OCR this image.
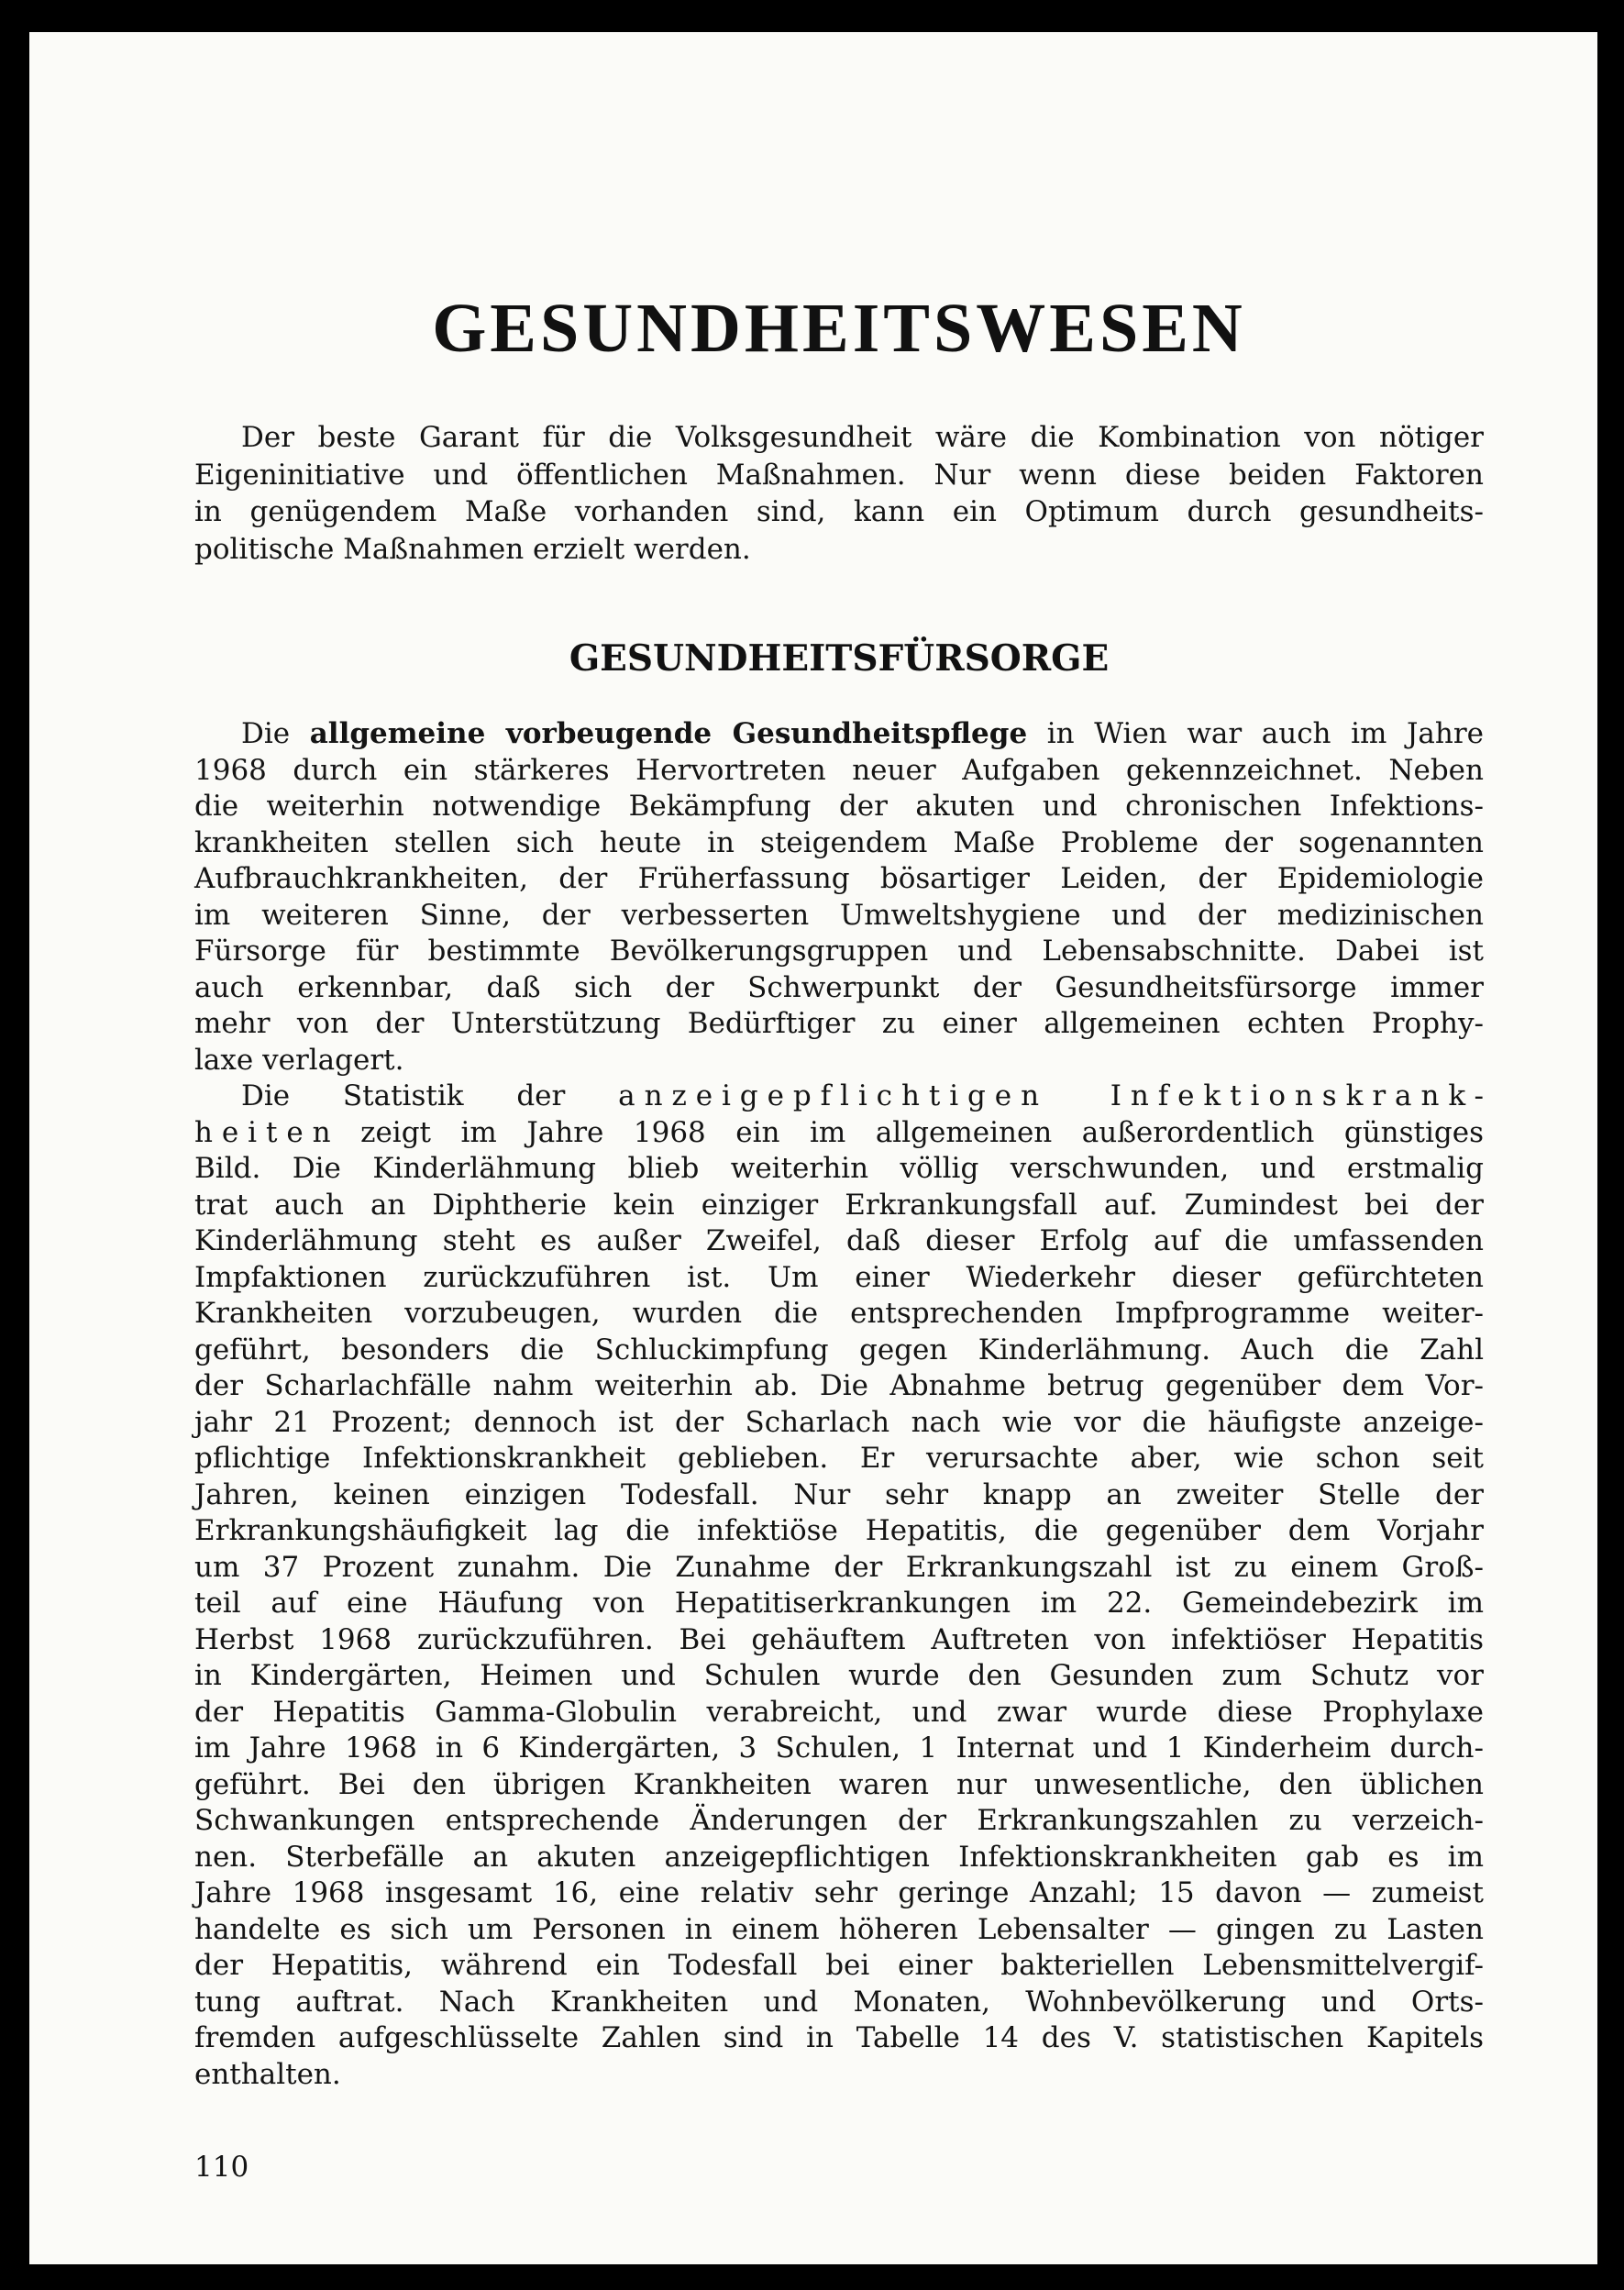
GESUNDHEITSWESEN
Der beste Garant für die Volksgesundheit wäre die Kombination von nötiger
Eigeninitiative und öffentlichen Maßnahmen. Nur wenn diese beiden Faktoren
in genügendem Maße vorhanden sind, kann ein Optimum durch gesundheits-
politische Maßnahmen erzielt werden.
GESUNDHEITSFÜRSORGE
Die allgemeine vorbeugende Gesundheitspflege in Wien war auch im Jahre
1968 durch ein stärkeres Hervortreten neuer Aufgaben gekennzeichnet. Neben
die weiterhin notwendige Bekämpfung der akuten und chronischen Infektions-
krankheiten stellen sich heute in steigendem Maße Probleme der sogenannten
Aufbrauchkrankheiten, der Früherfassung bösartiger Leiden, der Epidemiologie
im weiteren Sinne, der verbesserten Umweltshygiene und der medizinischen
Fürsorge für bestimmte Bevölkerungsgruppen und Lebensabschnitte. Dabei ist
auch erkennbar, daß sich der Schwerpunkt der Gesundheitsfürsorge immer
mehr von der Unterstützung Bedürftiger zu einer allgemeinen echten Prophy-
laxe verlagert.
Die Statistik der anzeigepflichtigen Infektionskrank-
heiten zeigt im Jahre 1968 ein im allgemeinen außerordentlich günstiges
Bild. Die Kinderlähmung blieb weiterhin völlig verschwunden, und erstmalig
trat auch an Diphtherie kein einziger Erkrankungsfall auf. Zumindest bei der
Kinderlähmung steht es außer Zweifel, daß dieser Erfolg auf die umfassenden
Impfaktionen zurückzuführen ist. Um einer Wiederkehr dieser gefürchteten
Krankheiten vorzubeugen, wurden die entsprechenden Impfprogramme weiter-
geführt, besonders die Schluckimpfung gegen Kinderlähmung. Auch die Zahl
der Scharlachfälle nahm weiterhin ab. Die Abnahme betrug gegenüber dem Vor-
jahr 21 Prozent; dennoch ist der Scharlach nach wie vor die häufigste anzeige-
pflichtige Infektionskrankheit geblieben. Er verursachte aber, wie schon seit
Jahren, keinen einzigen Todesfall. Nur sehr knapp an zweiter Stelle der
Erkrankungshäufigkeit lag die infektiöse Hepatitis, die gegenüber dem Vorjahr
um 37 Prozent zunahm. Die Zunahme der Erkrankungszahl ist zu einem Groß-
teil auf eine Häufung von Hepatitiserkrankungen im 22. Gemeindebezirk im
Herbst 1968 zurückzuführen. Bei gehäuftem Auftreten von infektiöser Hepatitis
in Kindergärten, Heimen und Schulen wurde den Gesunden zum Schutz vor
der Hepatitis Gamma-Globulin verabreicht, und zwar wurde diese Prophylaxe
im Jahre 1968 in 6 Kindergärten, 3 Schulen, 1 Internat und 1 Kinderheim durch-
geführt. Bei den übrigen Krankheiten waren nur unwesentliche, den üblichen
Schwankungen entsprechende Änderungen der Erkrankungszahlen zu verzeich-
nen. Sterbefälle an akuten anzeigepflichtigen Infektionskrankheiten gab es im
Jahre 1968 insgesamt 16, eine relativ sehr geringe Anzahl; 15 davon — zumeist
handelte es sich um Personen in einem höheren Lebensalter — gingen zu Lasten
der Hepatitis, während ein Todesfall bei einer bakteriellen Lebensmittelvergif-
tung auftrat. Nach Krankheiten und Monaten, Wohnbevölkerung und Orts-
fremden aufgeschlüsselte Zahlen sind in Tabelle 14 des V. statistischen Kapitels
enthalten.
110
